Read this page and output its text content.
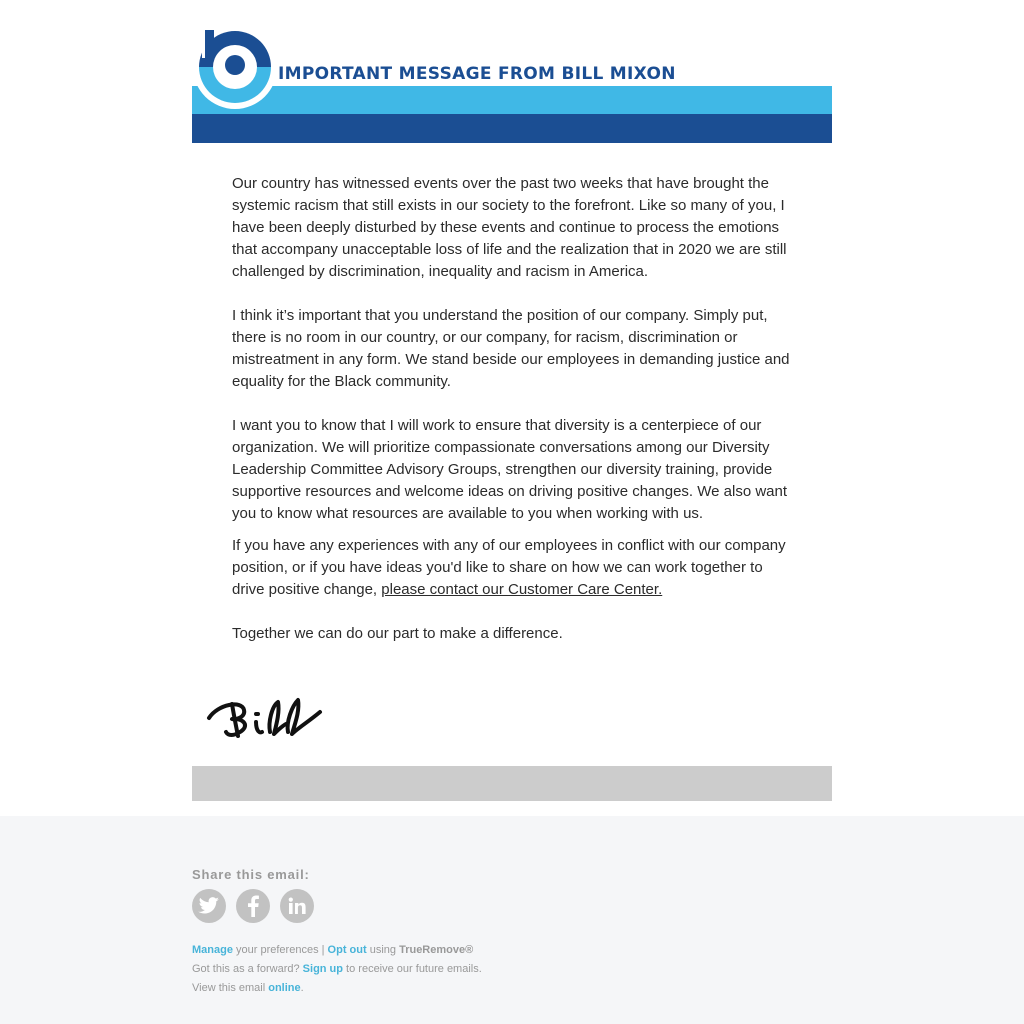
IMPORTANT MESSAGE FROM BILL MIXON

Our country has witnessed events over the past two weeks that have brought the systemic racism that still exists in our society to the forefront. Like so many of you, I have been deeply disturbed by these events and continue to process the emotions that accompany unacceptable loss of life and the realization that in 2020 we are still challenged by discrimination, inequality and racism in America.

I think it’s important that you understand the position of our company. Simply put, there is no room in our country, or our company, for racism, discrimination or mistreatment in any form. We stand beside our employees in demanding justice and equality for the Black community.

I want you to know that I will work to ensure that diversity is a centerpiece of our organization. We will prioritize compassionate conversations among our Diversity Leadership Committee Advisory Groups, strengthen our diversity training, provide supportive resources and welcome ideas on driving positive changes. We also want you to know what resources are available to you when working with us.

If you have any experiences with any of our employees in conflict with our company position, or if you have ideas you'd like to share on how we can work together to drive positive change, please contact our Customer Care Center.

Together we can do our part to make a difference.

Share this email:
Manage your preferences | Opt out using TrueRemove®
Got this as a forward? Sign up to receive our future emails.
View this email online.
